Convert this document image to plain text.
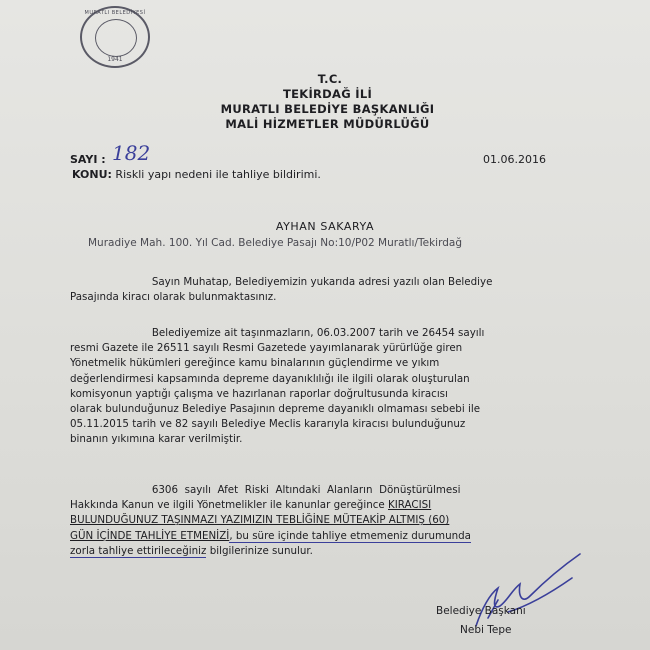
MURATLI BELEDİYESİ
1941
T.C.
TEKİRDAĞ İLİ
MURATLI BELEDİYE BAŞKANLIĞI
MALİ HİZMETLER MÜDÜRLÜĞÜ
SAYI : 182	01.06.2016
KONU: Riskli yapı nedeni ile tahliye bildirimi.
AYHAN SAKARYA
Muradiye Mah. 100. Yıl Cad. Belediye Pasajı No:10/P02 Muratlı/Tekirdağ
Sayın Muhatap, Belediyemizin yukarıda adresi yazılı olan Belediye
Pasajında kiracı olarak bulunmaktasınız.
Belediyemize ait taşınmazların, 06.03.2007 tarih ve 26454 sayılı
resmi Gazete ile 26511 sayılı Resmi Gazetede yayımlanarak yürürlüğe giren
Yönetmelik hükümleri gereğince kamu binalarının güçlendirme ve yıkım
değerlendirmesi kapsamında depreme dayanıklılığı ile ilgili olarak oluşturulan
komisyonun yaptığı çalışma ve hazırlanan raporlar doğrultusunda kiracısı
olarak bulunduğunuz Belediye Pasajının depreme dayanıklı olmaması sebebi ile
05.11.2015 tarih ve 82 sayılı Belediye Meclis kararıyla kiracısı bulunduğunuz
binanın yıkımına karar verilmiştir.
6306  sayılı  Afet  Riski  Altındaki  Alanların  Dönüştürülmesi
Hakkında Kanun ve ilgili Yönetmelikler ile kanunlar gereğince KIRACISI
BULUNDUĞUNUZ TAŞINMAZI YAZIMIZIN TEBLİĞİNE MÜTEAKİP ALTMIŞ (60)
GÜN İÇİNDE TAHLİYE ETMENİZİ, bu süre içinde tahliye etmemeniz durumunda
zorla tahliye ettirileceğiniz bilgilerinize sunulur.
Belediye Başkanı
Nebi Tepe
